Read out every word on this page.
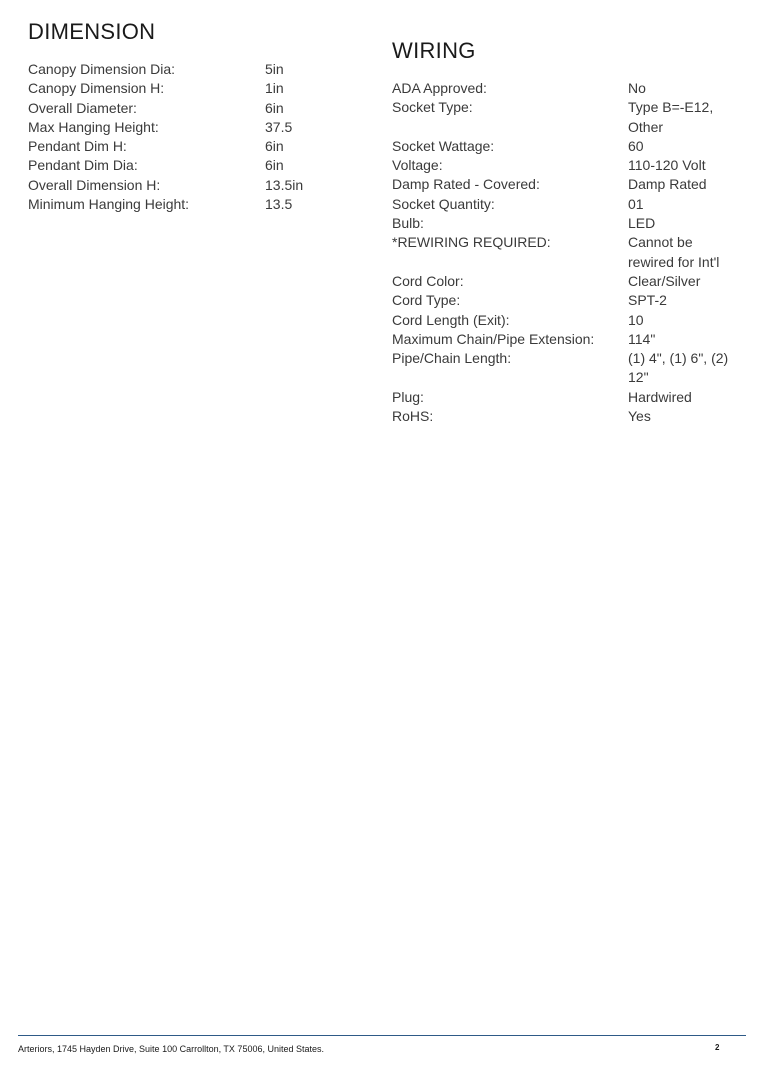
DIMENSION
Canopy Dimension Dia:	5in
Canopy Dimension H:	1in
Overall Diameter:	6in
Max Hanging Height:	37.5
Pendant Dim H:	6in
Pendant Dim Dia:	6in
Overall Dimension H:	13.5in
Minimum Hanging Height:	13.5
WIRING
ADA Approved:	No
Socket Type:	Type B=-E12,
Other
Socket Wattage:	60
Voltage:	110-120 Volt
Damp Rated - Covered:	Damp Rated
Socket Quantity:	01
Bulb:	LED
*REWIRING REQUIRED:	Cannot be
rewired for Int'l
Cord Color:	Clear/Silver
Cord Type:	SPT-2
Cord Length (Exit):	10
Maximum Chain/Pipe Extension:	114"
Pipe/Chain Length:	(1) 4", (1) 6", (2)
12"
Plug:	Hardwired
RoHS:	Yes
Arteriors, 1745 Hayden Drive, Suite 100 Carrollton, TX 75006, United States.	2
